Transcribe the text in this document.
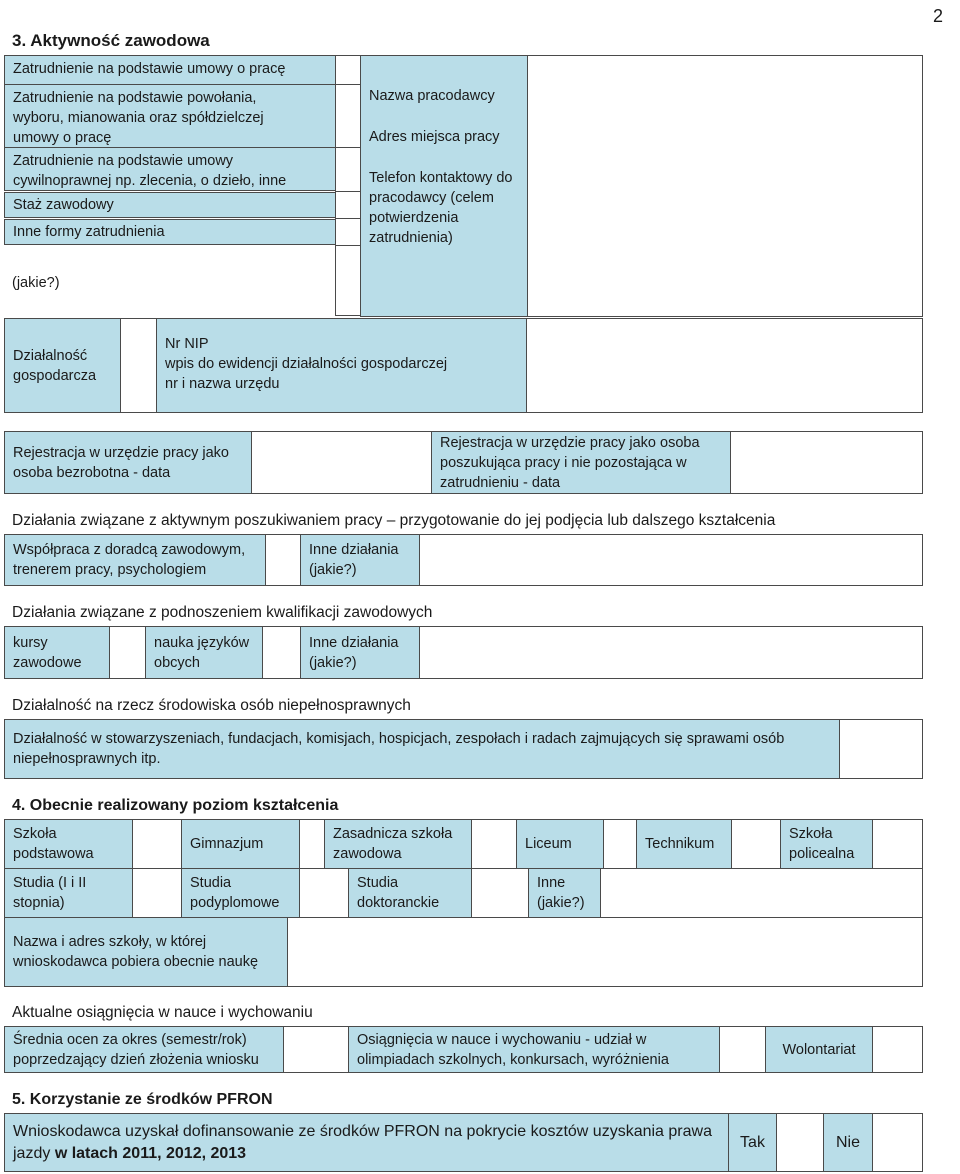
2
3. Aktywność zawodowa
Zatrudnienie na podstawie umowy o pracę
Zatrudnienie na podstawie powołania, wyboru, mianowania oraz spółdzielczej umowy o pracę
Zatrudnienie na podstawie umowy cywilnoprawnej np. zlecenia, o dzieło, inne
Staż zawodowy
Inne formy zatrudnienia
(jakie?)
Nazwa pracodawcy
Adres miejsca pracy
Telefon kontaktowy do pracodawcy (celem potwierdzenia zatrudnienia)
Działalność gospodarcza
Nr NIP
wpis do ewidencji działalności gospodarczej
nr i nazwa urzędu
Rejestracja w urzędzie pracy jako osoba bezrobotna - data
Rejestracja w urzędzie pracy jako osoba poszukująca pracy i nie pozostająca w zatrudnieniu - data
Działania związane z aktywnym poszukiwaniem pracy – przygotowanie do jej podjęcia lub dalszego kształcenia
Współpraca z doradcą zawodowym, trenerem pracy, psychologiem
Inne działania (jakie?)
Działania związane z podnoszeniem kwalifikacji zawodowych
kursy zawodowe
nauka języków obcych
Inne działania (jakie?)
Działalność na rzecz środowiska osób niepełnosprawnych
Działalność w stowarzyszeniach, fundacjach, komisjach, hospicjach, zespołach i radach zajmujących się sprawami osób niepełnosprawnych itp.
4. Obecnie realizowany poziom kształcenia
Szkoła podstawowa
Gimnazjum
Zasadnicza szkoła zawodowa
Liceum	Technikum
Szkoła policealna
Studia (I i II stopnia)
Studia podyplomowe
Studia doktoranckie
Inne (jakie?)
Nazwa i adres szkoły, w której wnioskodawca pobiera obecnie naukę
Aktualne osiągnięcia w nauce i wychowaniu
Średnia ocen za okres (semestr/rok) poprzedzający dzień złożenia wniosku
Osiągnięcia w nauce i wychowaniu - udział w olimpiadach szkolnych, konkursach, wyróżnienia
Wolontariat
5. Korzystanie ze środków PFRON
Wnioskodawca uzyskał dofinansowanie ze środków PFRON na pokrycie kosztów uzyskania prawa jazdy w latach 2011, 2012, 2013
Tak	Nie
